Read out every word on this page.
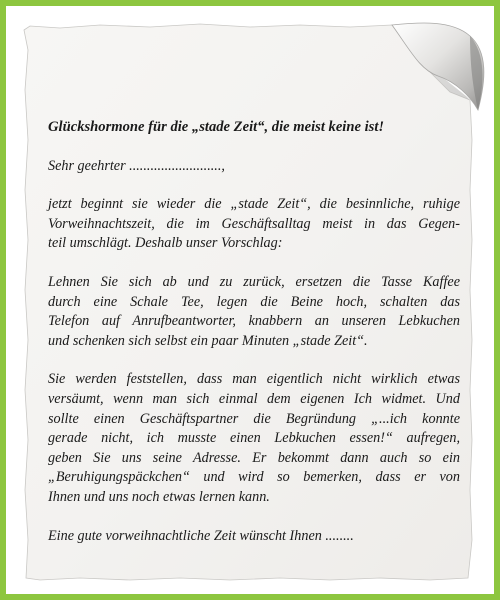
Glückshormone für die „stade Zeit“, die meist keine ist!
Sehr geehrter ..........................,
jetzt beginnt sie wieder die „stade Zeit“, die besinnliche, ruhige
Vorweihnachtszeit, die im Geschäftsalltag meist in das Gegen-
teil umschlägt. Deshalb unser Vorschlag:
Lehnen Sie sich ab und zu zurück, ersetzen die Tasse Kaffee
durch eine Schale Tee, legen die Beine hoch, schalten das
Telefon auf Anrufbeantworter, knabbern an unseren Lebkuchen
und schenken sich selbst ein paar Minuten „stade Zeit“.
Sie werden feststellen, dass man eigentlich nicht wirklich etwas
versäumt, wenn man sich einmal dem eigenen Ich widmet. Und
sollte einen Geschäftspartner die Begründung „...ich konnte
gerade nicht, ich musste einen Lebkuchen essen!“ aufregen,
geben Sie uns seine Adresse. Er bekommt dann auch so ein
„Beruhigungspäckchen“ und wird so bemerken, dass er von
Ihnen und uns noch etwas lernen kann.
Eine gute vorweihnachtliche Zeit wünscht Ihnen ........
